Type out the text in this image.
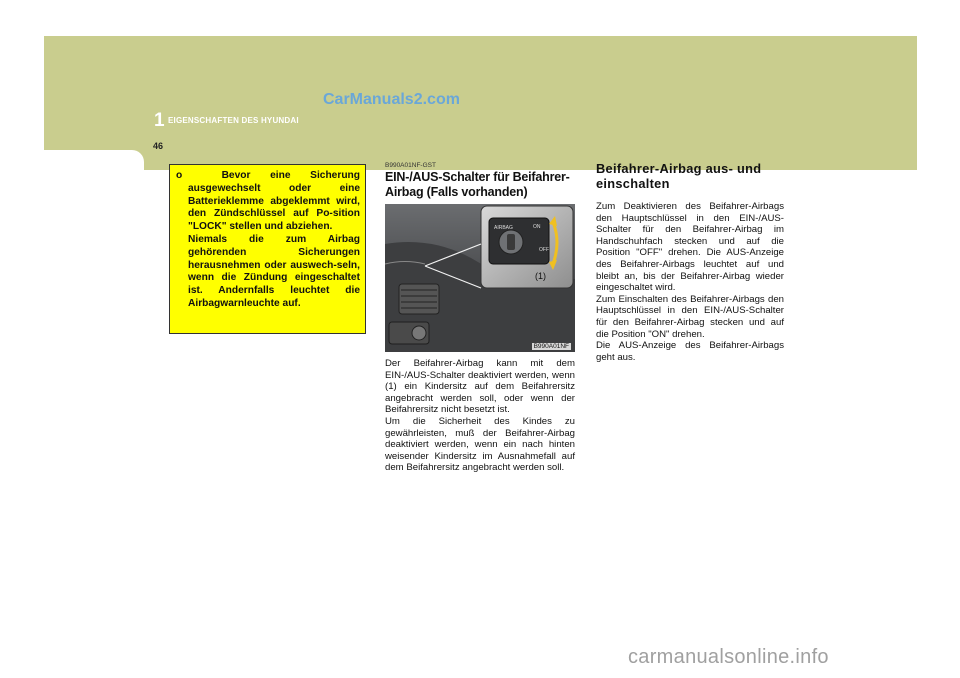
1 EIGENSCHAFTEN DES HYUNDAI
CarManuals2.com
46

o	Bevor eine Sicherung ausgewechselt oder eine Batterieklemme abgeklemmt wird, den Zündschlüssel auf Po-sition "LOCK" stellen und abziehen.
Niemals die zum Airbag gehörenden Sicherungen herausnehmen oder auswech-seln, wenn die Zündung eingeschaltet ist. Andernfalls leuchtet die Airbagwarnleuchte auf.

B990A01NF-GST
EIN-/AUS-Schalter für Beifahrer-Airbag (Falls vorhanden)
AIRBAG	ON
OFF
(1)
B990A01NF

Der Beifahrer-Airbag kann mit dem EIN-/AUS-Schalter deaktiviert werden, wenn (1) ein Kindersitz auf dem Beifahrersitz angebracht werden soll, oder wenn der Beifahrersitz nicht besetzt ist.

Um die Sicherheit des Kindes zu gewährleisten, muß der Beifahrer-Airbag deaktiviert werden, wenn ein nach hinten weisender Kindersitz im Ausnahmefall auf dem Beifahrersitz angebracht werden soll.

Beifahrer-Airbag aus- und einschalten

Zum Deaktivieren des Beifahrer-Airbags den Hauptschlüssel in den EIN-/AUS-Schalter für den Beifahrer-Airbag im Handschuhfach stecken und auf die Position "OFF" drehen. Die AUS-Anzeige des Beifahrer-Airbags leuchtet auf und bleibt an, bis der Beifahrer-Airbag wieder eingeschaltet wird.

Zum Einschalten des Beifahrer-Airbags den Hauptschlüssel in den EIN-/AUS-Schalter für den Beifahrer-Airbag stecken und auf die Position "ON" drehen.

Die AUS-Anzeige des Beifahrer-Airbags geht aus.

carmanualsonline.info
